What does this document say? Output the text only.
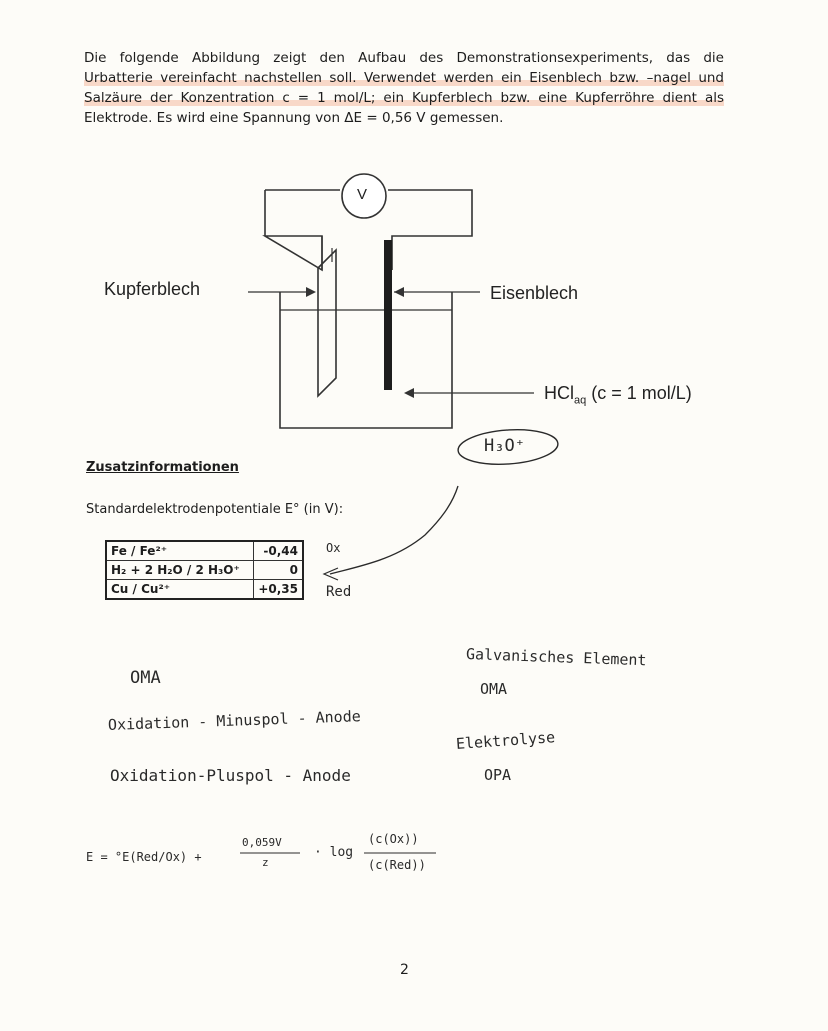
Die folgende Abbildung zeigt den Aufbau des Demonstrationsexperiments, das die

Urbatterie vereinfacht nachstellen soll. Verwendet werden ein Eisenblech bzw. –nagel und

Salzäure der Konzentration c = 1 mol/L; ein Kupferblech bzw. eine Kupferröhre dient als

Elektrode. Es wird eine Spannung von ΔE = 0,56 V gemessen.

Kupferblech	Eisenblech
HCl$_{aq}$ (c = 1 mol/L)
V
Zusatzinformationen
Standardelektrodenpotentiale E° (in V):
Fe / Fe²⁺	-0,44
H₂ + 2 H₂O / 2 H₃O⁺	0
Cu / Cu²⁺	+0,35
H₃O⁺
Ox
Red
Galvanisches Element
OMA
OMA
Elektrolyse
OPA
Oxidation - Minuspol - Anode
Oxidation-Pluspol - Anode
E = °E(Red/Ox) +
0,059V
z
· log
(c(Ox))
(c(Red))
2
